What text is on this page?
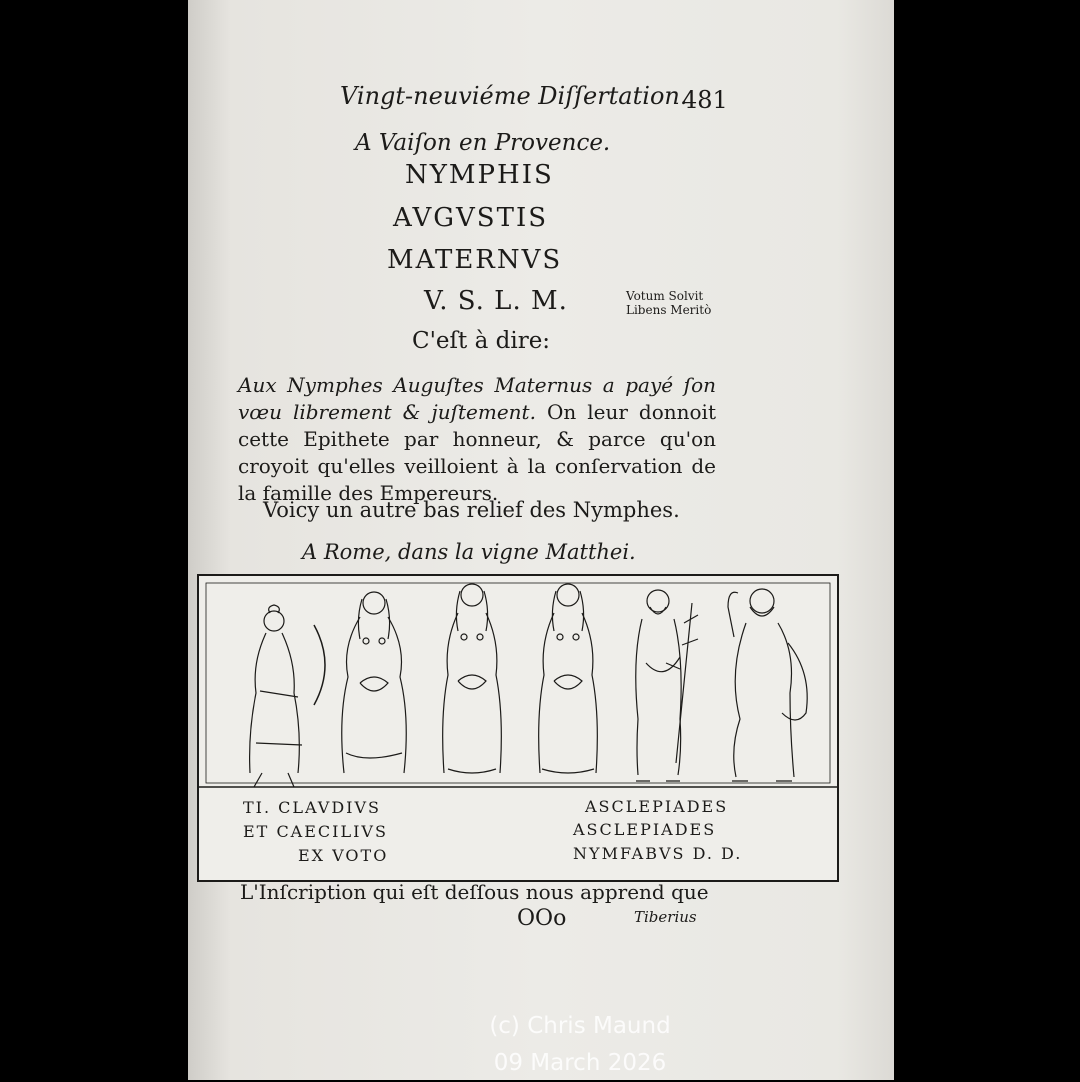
Vingt-neuviéme Diſſertation.
481
A Vaiſon en Provence.
NYMPHIS
AVGVSTIS
MATERNVS
V. S. L. M.	Votum Solvit
Libens Meritò
C'eſt à dire:
Aux Nymphes Auguſtes Maternus a payé ſon vœu librement & juſtement. On leur donnoit cette Epithete par honneur, & parce qu'on croyoit qu'elles veilloient à la conſervation de la famille des Empereurs.
Voicy un autre bas relief des Nymphes.
A Rome, dans la vigne Matthei.
TI. CLAVDIVS
ET CAECILIVS
EX VOTO
ASCLEPIADES
ASCLEPIADES
NYMFABVS D. D.
L'Inſcription qui eſt deſſous nous apprend que
OOo	Tiberius
(c) Chris Maund
09 March 2026
